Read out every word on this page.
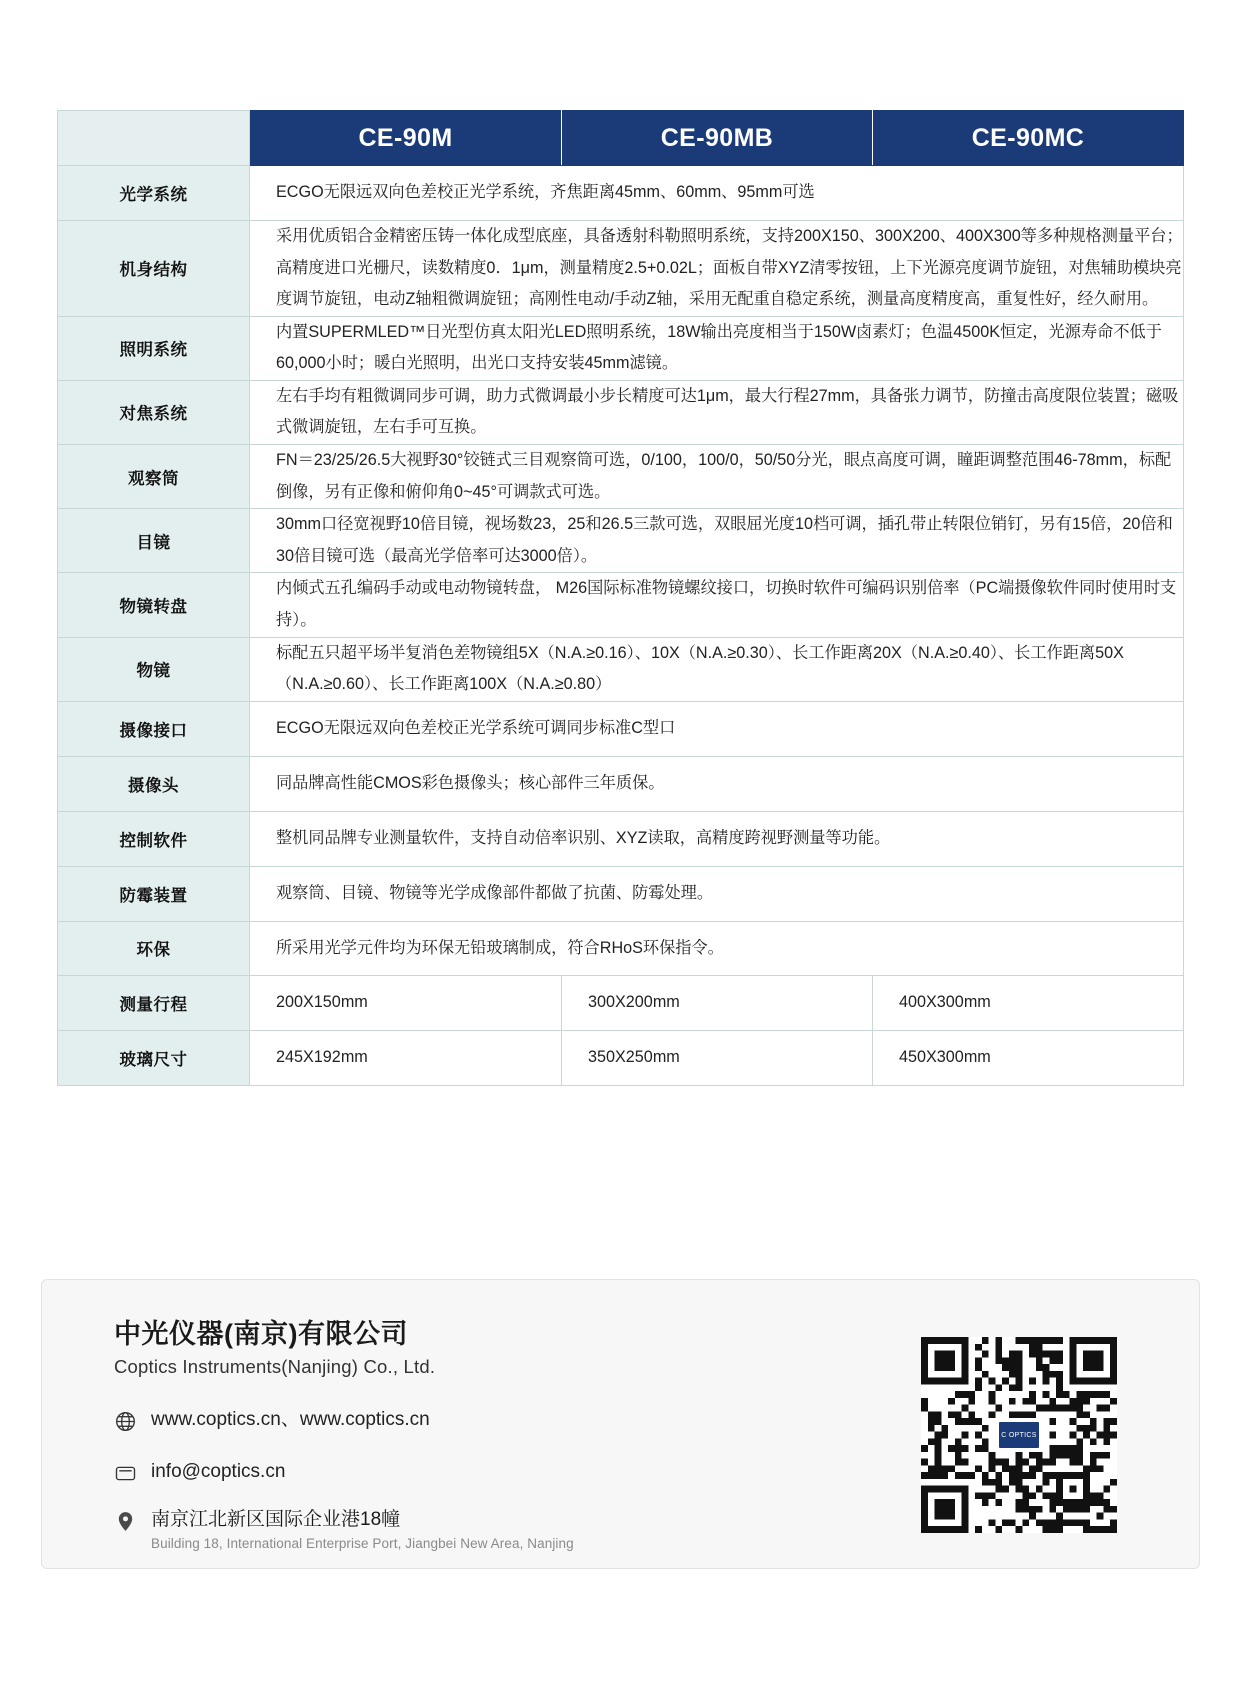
	CE-90M	CE-90MB	CE-90MC
光学系统	ECGO无限远双向色差校正光学系统，齐焦距离45mm、60mm、95mm可选		
机身结构	采用优质铝合金精密压铸一体化成型底座，具备透射科勒照明系统，支持200X150、300X200、400X300等多种规格测量平台；高精度进口光栅尺，读数精度0．1μm，测量精度2.5+0.02L；面板自带XYZ清零按钮，上下光源亮度调节旋钮，对焦辅助模块亮度调节旋钮，电动Z轴粗微调旋钮；高刚性电动/手动Z轴，采用无配重自稳定系统，测量高度精度高，重复性好，经久耐用。		
照明系统	内置SUPERMLED™日光型仿真太阳光LED照明系统，18W输出亮度相当于150W卤素灯；色温4500K恒定，光源寿命不低于60,000小时；暖白光照明，出光口支持安装45mm滤镜。		
对焦系统	左右手均有粗微调同步可调，助力式微调最小步长精度可达1μm，最大行程27mm，具备张力调节，防撞击高度限位装置；磁吸式微调旋钮，左右手可互换。		
观察筒	FN＝23/25/26.5大视野30°铰链式三目观察筒可选，0/100，100/0，50/50分光，眼点高度可调，瞳距调整范围46-78mm，标配倒像，另有正像和俯仰角0~45°可调款式可选。		
目镜	30mm口径宽视野10倍目镜，视场数23，25和26.5三款可选，双眼屈光度10档可调，插孔带止转限位销钉，另有15倍，20倍和30倍目镜可选（最高光学倍率可达3000倍）。		
物镜转盘	内倾式五孔编码手动或电动物镜转盘， M26国际标准物镜螺纹接口，切换时软件可编码识别倍率（PC端摄像软件同时使用时支持）。		
物镜	标配五只超平场半复消色差物镜组5X（N.A.≥0.16）、10X（N.A.≥0.30）、长工作距离20X（N.A.≥0.40）、长工作距离50X（N.A.≥0.60）、长工作距离100X（N.A.≥0.80）		
摄像接口	ECGO无限远双向色差校正光学系统可调同步标准C型口		
摄像头	同品牌高性能CMOS彩色摄像头；核心部件三年质保。		
控制软件	整机同品牌专业测量软件，支持自动倍率识别、XYZ读取，高精度跨视野测量等功能。		
防霉装置	观察筒、目镜、物镜等光学成像部件都做了抗菌、防霉处理。		
环保	所采用光学元件均为环保无铅玻璃制成，符合RHoS环保指令。		
测量行程	200X150mm	300X200mm	400X300mm
玻璃尺寸	245X192mm	350X250mm	450X300mm
中光仪器(南京)有限公司
Coptics Instruments(Nanjing) Co., Ltd.
www.coptics.cn、www.coptics.cn
info@coptics.cn
南京江北新区国际企业港18幢
Building 18, International Enterprise Port, Jiangbei New Area, Nanjing
C OPTICS
